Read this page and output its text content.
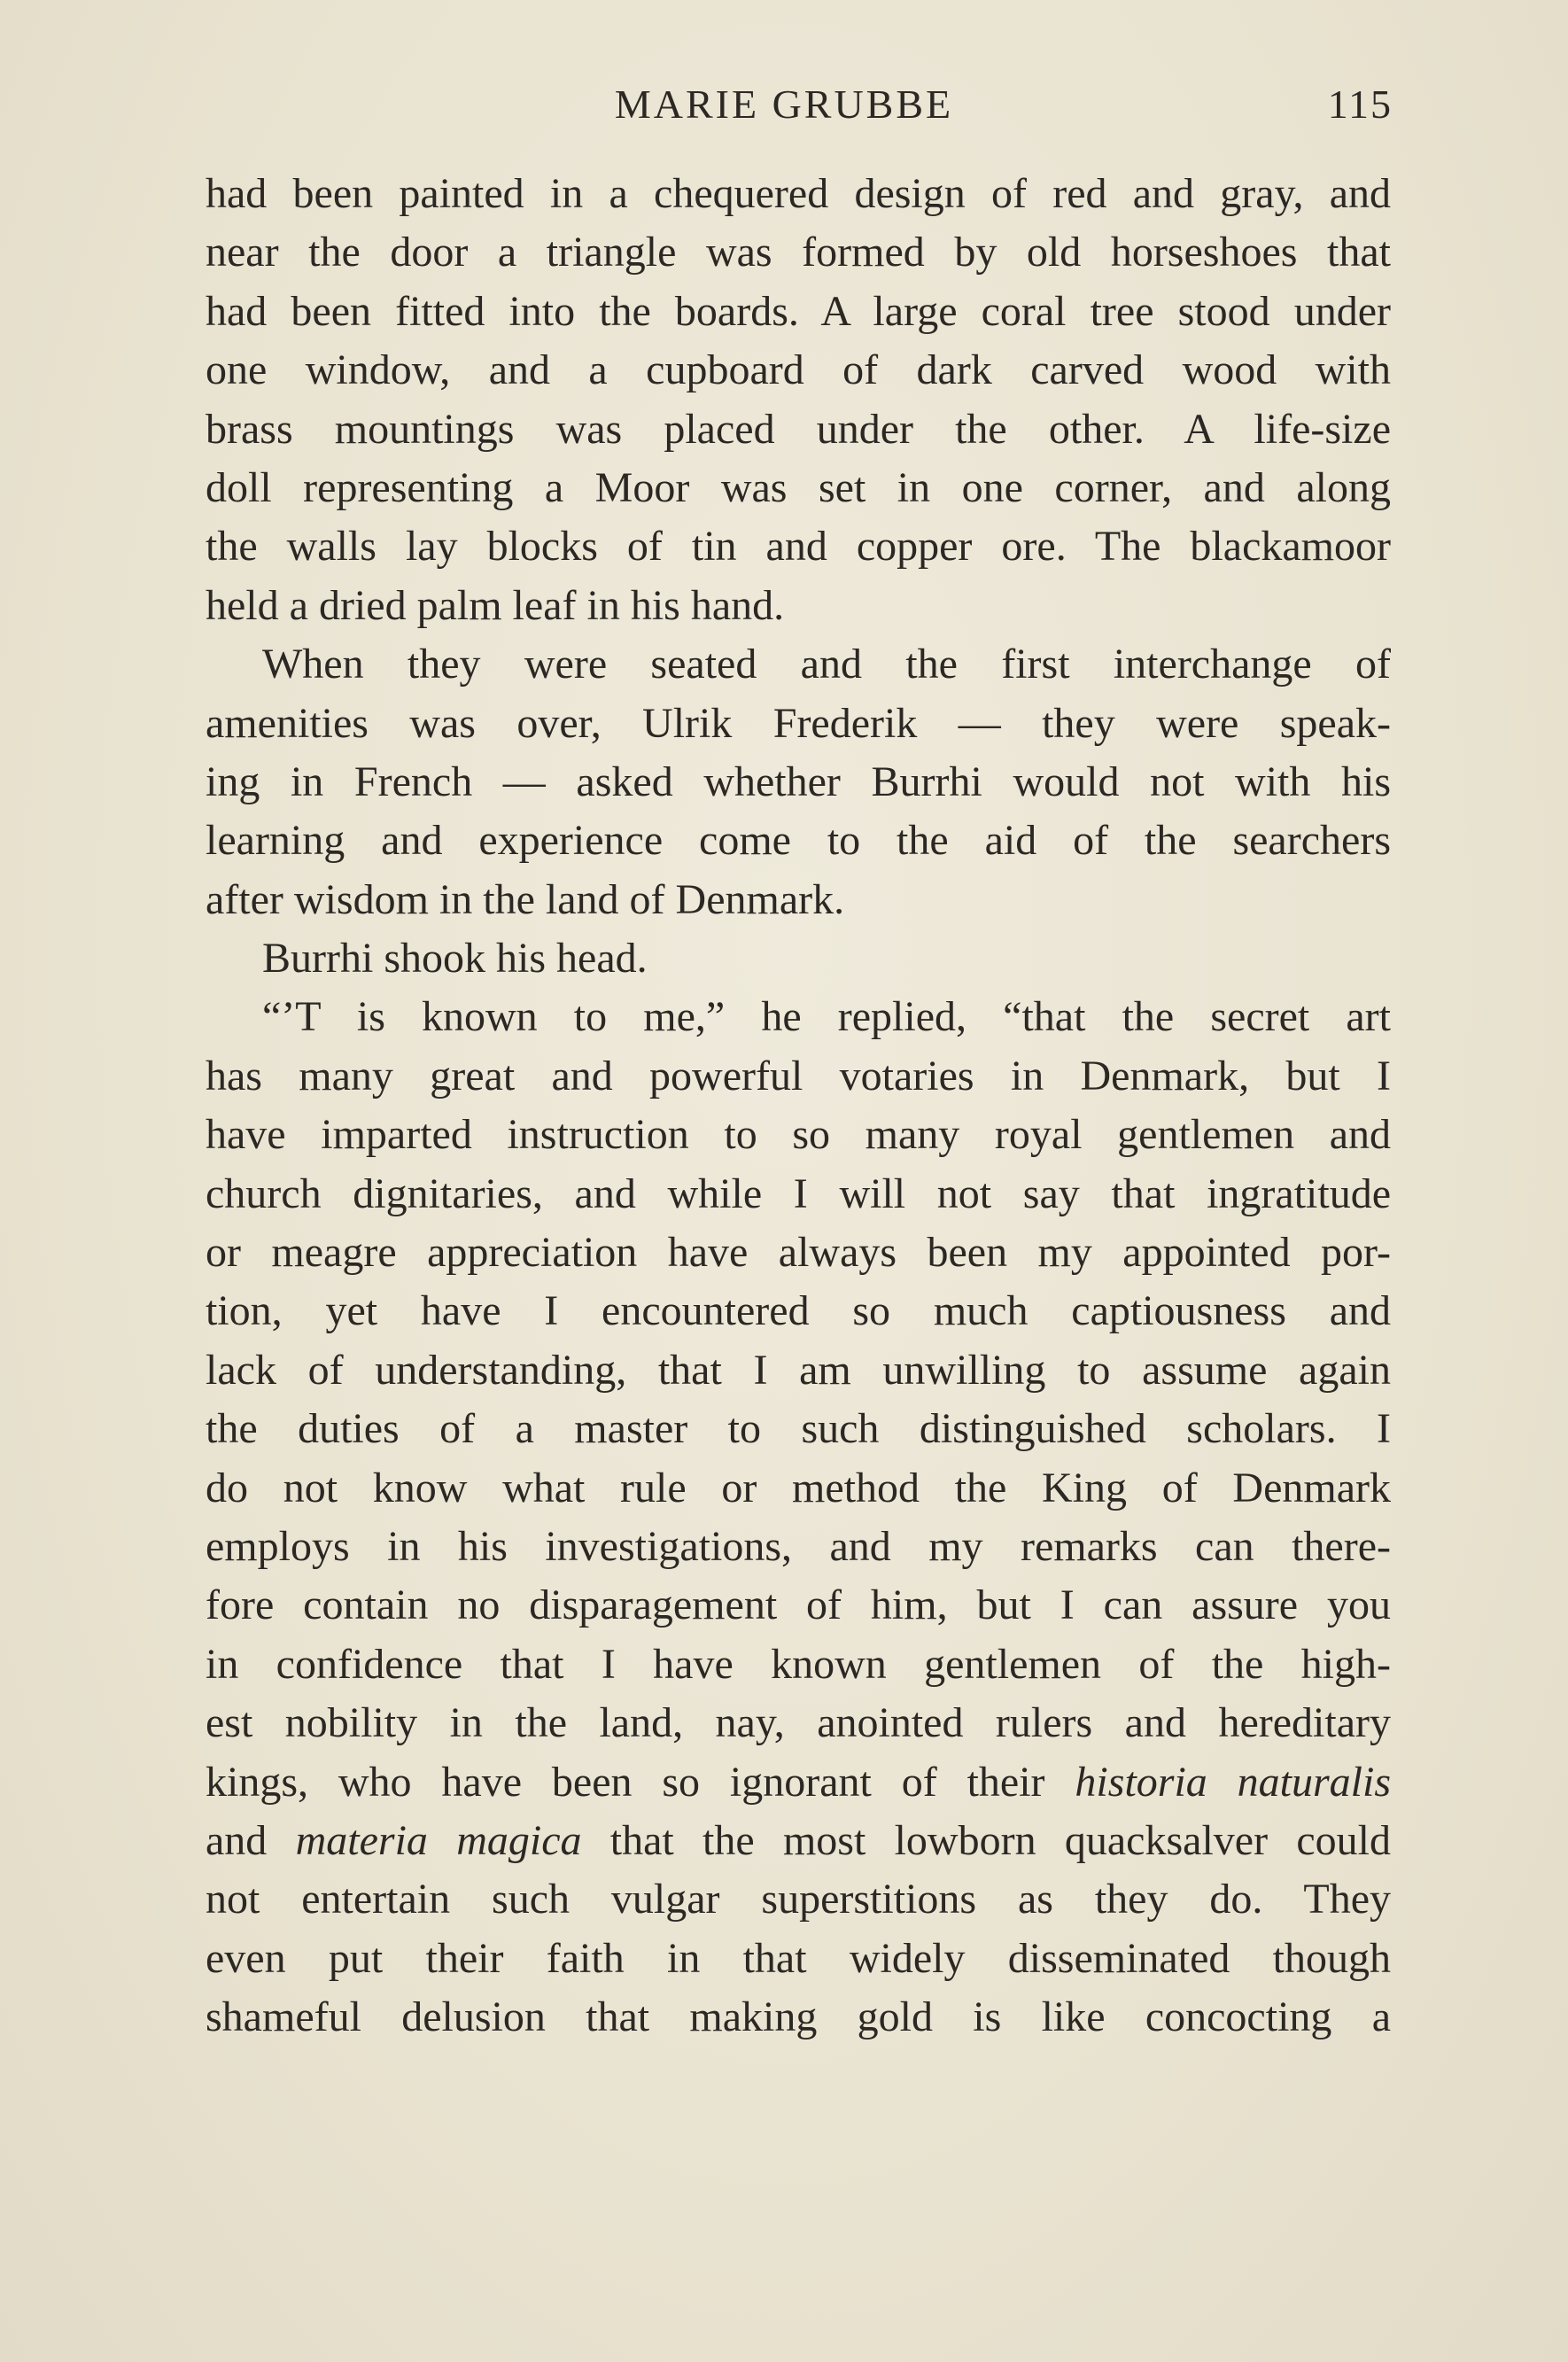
MARIE GRUBBE	115
had been painted in a chequered design of red and gray, and
near the door a triangle was formed by old horseshoes that
had been fitted into the boards. A large coral tree stood under
one window, and a cupboard of dark carved wood with
brass mountings was placed under the other. A life-size
doll representing a Moor was set in one corner, and along
the walls lay blocks of tin and copper ore. The blackamoor
held a dried palm leaf in his hand.
When they were seated and the first interchange of
amenities was over, Ulrik Frederik — they were speak-
ing in French — asked whether Burrhi would not with his
learning and experience come to the aid of the searchers
after wisdom in the land of Denmark.
Burrhi shook his head.
“’T is known to me,” he replied, “that the secret art
has many great and powerful votaries in Denmark, but I
have imparted instruction to so many royal gentlemen and
church dignitaries, and while I will not say that ingratitude
or meagre appreciation have always been my appointed por-
tion, yet have I encountered so much captiousness and
lack of understanding, that I am unwilling to assume again
the duties of a master to such distinguished scholars. I
do not know what rule or method the King of Denmark
employs in his investigations, and my remarks can there-
fore contain no disparagement of him, but I can assure you
in confidence that I have known gentlemen of the high-
est nobility in the land, nay, anointed rulers and hereditary
kings, who have been so ignorant of their historia naturalis
and materia magica that the most lowborn quacksalver could
not entertain such vulgar superstitions as they do. They
even put their faith in that widely disseminated though
shameful delusion that making gold is like concocting a
